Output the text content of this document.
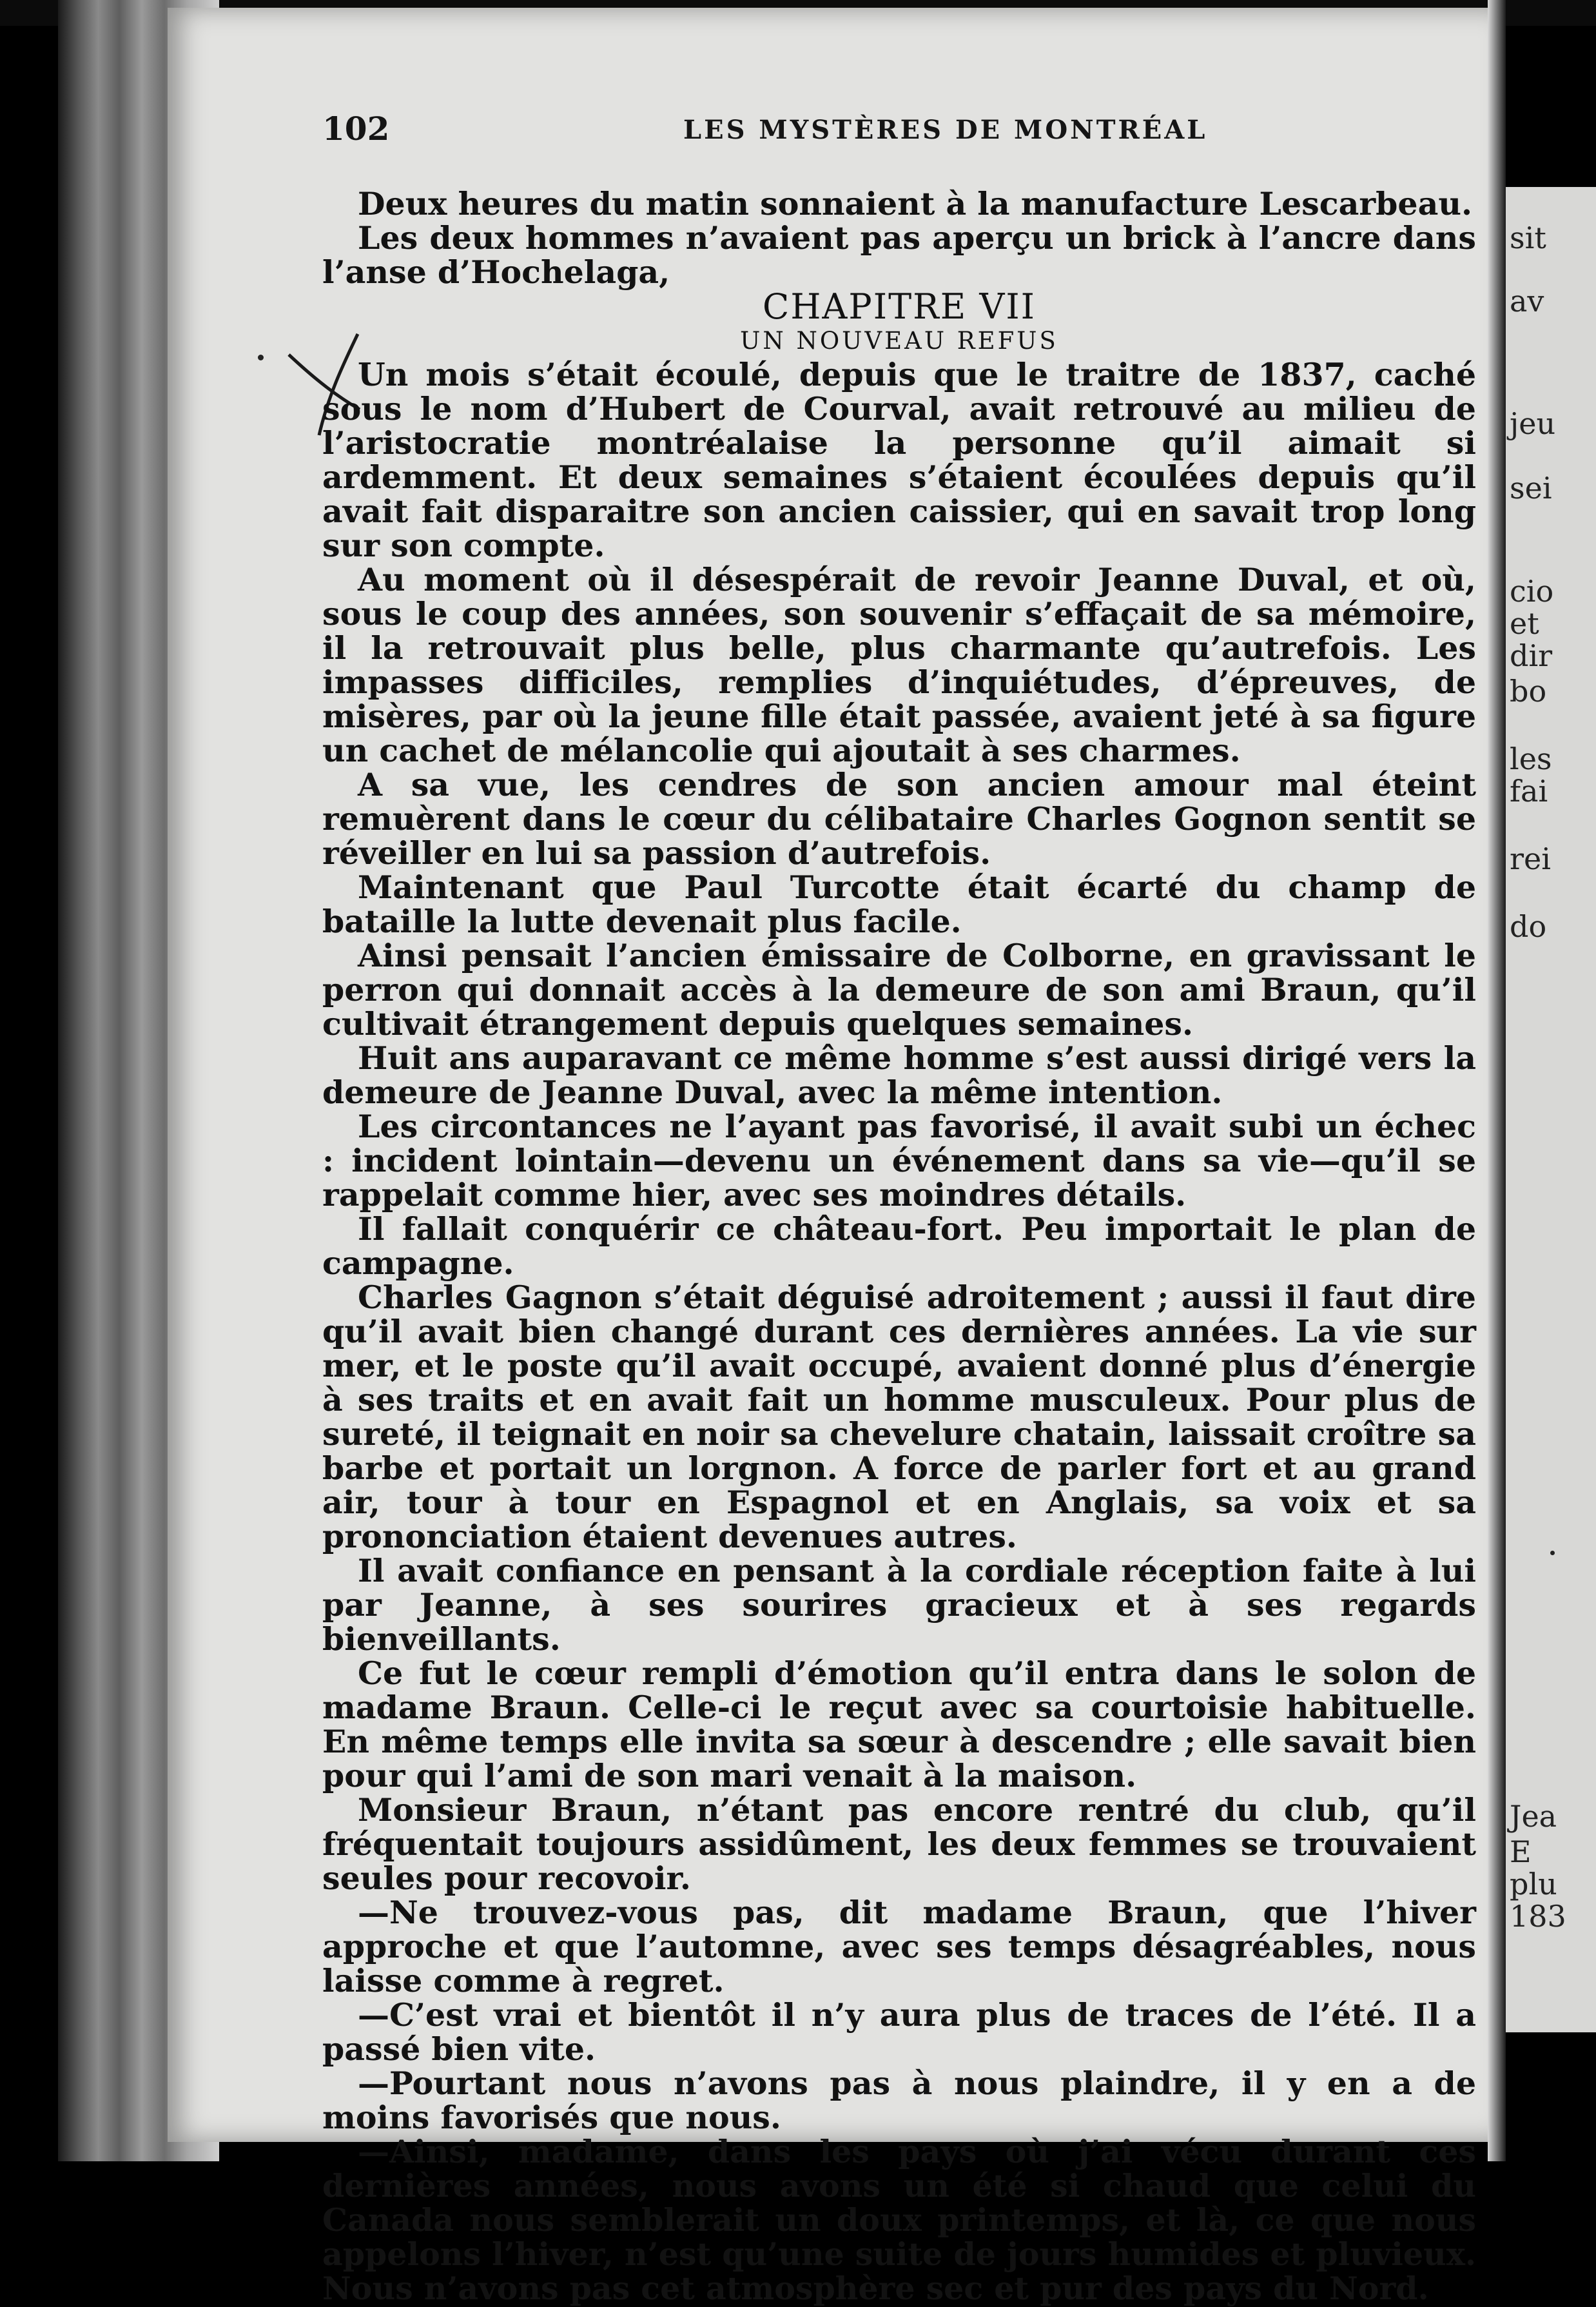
sit
av
jeu
sei
cio
et
dir
bo
les
fai
rei
do
Jea
E
plu
183
102	LES MYSTÈRES DE MONTRÉAL

Deux heures du matin sonnaient à la manufacture Lescarbeau.

Les deux hommes n’avaient pas aperçu un brick à l’ancre dans l’anse d’Hochelaga,

CHAPITRE VII

UN NOUVEAU REFUS

Un mois s’était écoulé, depuis que le traitre de 1837, caché sous le nom d’Hubert de Courval, avait retrouvé au milieu de l’aristocratie montréalaise la personne qu’il aimait si ardemment. Et deux semaines s’étaient écoulées depuis qu’il avait fait disparaitre son ancien caissier, qui en savait trop long sur son compte.

Au moment où il désespérait de revoir Jeanne Duval, et où, sous le coup des années, son souvenir s’effaçait de sa mémoire, il la retrouvait plus belle, plus charmante qu’autrefois. Les impasses difficiles, remplies d’inquiétudes, d’épreuves, de misères, par où la jeune fille était passée, avaient jeté à sa figure un cachet de mélancolie qui ajoutait à ses charmes.

A sa vue, les cendres de son ancien amour mal éteint remuèrent dans le cœur du célibataire Charles Gognon sentit se réveiller en lui sa passion d’autrefois.

Maintenant que Paul Turcotte était écarté du champ de bataille la lutte devenait plus facile.

Ainsi pensait l’ancien émissaire de Colborne, en gravissant le perron qui donnait accès à la demeure de son ami Braun, qu’il cultivait étrangement depuis quelques semaines.

Huit ans auparavant ce même homme s’est aussi dirigé vers la demeure de Jeanne Duval, avec la même intention.

Les circontances ne l’ayant pas favorisé, il avait subi un échec : incident lointain—devenu un événement dans sa vie—qu’il se rappelait comme hier, avec ses moindres détails.

Il fallait conquérir ce château-fort. Peu importait le plan de campagne.

Charles Gagnon s’était déguisé adroitement ; aussi il faut dire qu’il avait bien changé durant ces dernières années. La vie sur mer, et le poste qu’il avait occupé, avaient donné plus d’énergie à ses traits et en avait fait un homme musculeux. Pour plus de sureté, il teignait en noir sa chevelure chatain, laissait croître sa barbe et portait un lorgnon. A force de parler fort et au grand air, tour à tour en Espagnol et en Anglais, sa voix et sa prononciation étaient devenues autres.

Il avait confiance en pensant à la cordiale réception faite à lui par Jeanne, à ses sourires gracieux et à ses regards bienveillants.

Ce fut le cœur rempli d’émotion qu’il entra dans le solon de madame Braun. Celle-ci le reçut avec sa courtoisie habituelle. En même temps elle invita sa sœur à descendre ; elle savait bien pour qui l’ami de son mari venait à la maison.

Monsieur Braun, n’étant pas encore rentré du club, qu’il fréquentait toujours assidûment, les deux femmes se trouvaient seules pour recovoir.

—Ne trouvez-vous pas, dit madame Braun, que l’hiver approche et que l’automne, avec ses temps désagréables, nous laisse comme à regret.

—C’est vrai et bientôt il n’y aura plus de traces de l’été. Il a passé bien vite.

—Pourtant nous n’avons pas à nous plaindre, il y en a de moins favorisés que nous.

—Ainsi, madame, dans les pays où j’ai vécu durant ces dernières années, nous avons un été si chaud que celui du Canada nous semblerait un doux printemps, et là, ce que nous appelons l’hiver, n’est qu’une suite de jours humides et pluvieux. Nous n’avons pas cet atmosphère sec et pur des pays du Nord.
